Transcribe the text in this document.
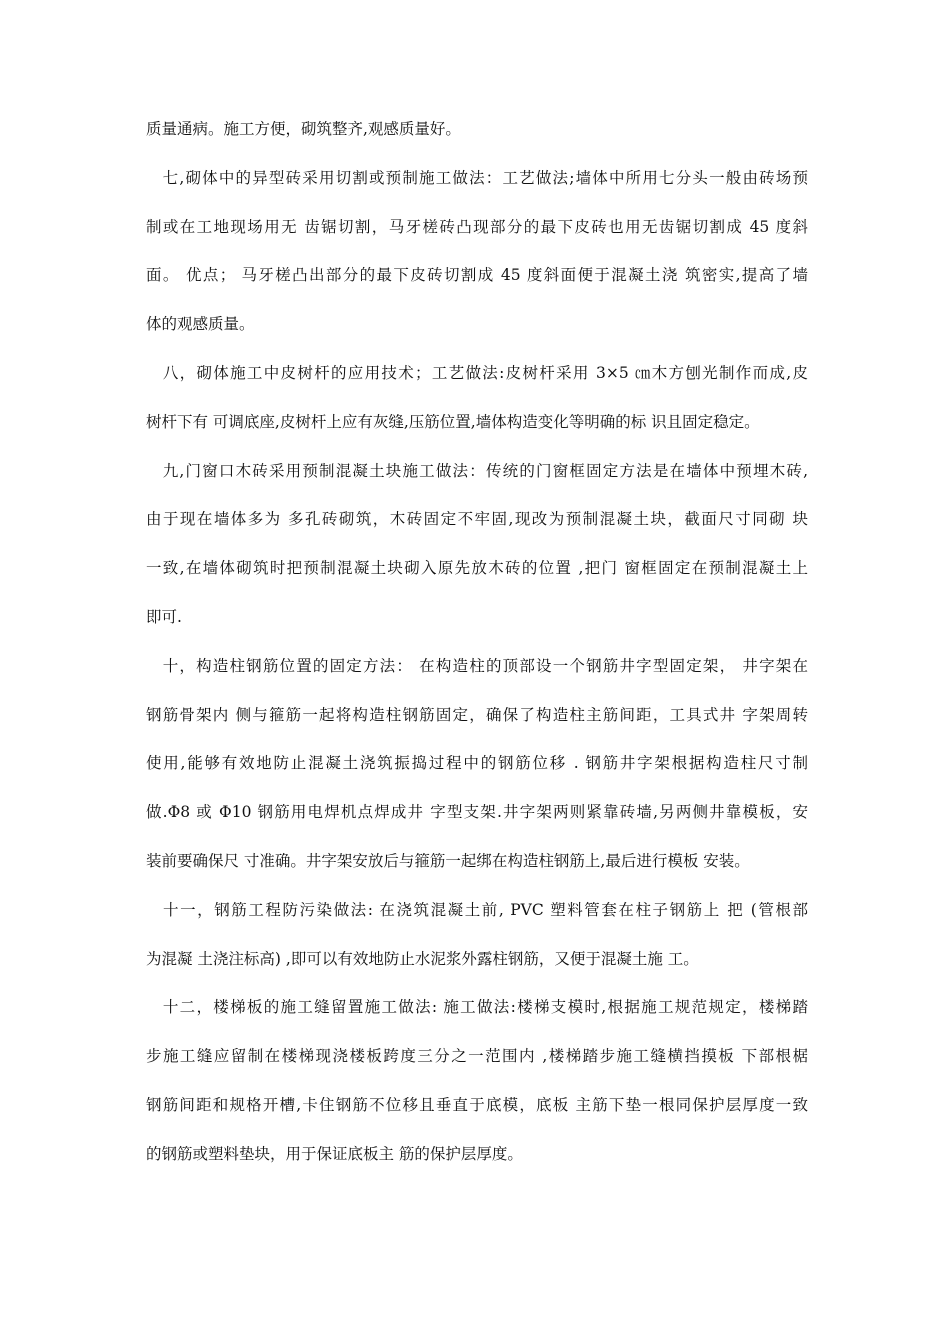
质量通病。施工方便，砌筑整齐,观感质量好。

　七,砌体中的异型砖采用切割或预制施工做法：工艺做法;墙体中所用七分头一般由砖场预
制或在工地现场用无 齿锯切割，马牙槎砖凸现部分的最下皮砖也用无齿锯切割成 45 度斜
面。 优点； 马牙槎凸出部分的最下皮砖切割成 45 度斜面便于混凝土浇 筑密实,提高了墙
体的观感质量。

　八，砌体施工中皮树杆的应用技术；工艺做法:皮树杆采用 3×5 ㎝木方刨光制作而成,皮
树杆下有 可调底座,皮树杆上应有灰缝,压筋位置,墙体构造变化等明确的标 识且固定稳定。

　九,门窗口木砖采用预制混凝土块施工做法：传统的门窗框固定方法是在墙体中预埋木砖,
由于现在墙体多为 多孔砖砌筑，木砖固定不牢固,现改为预制混凝土块，截面尺寸同砌 块
一致,在墙体砌筑时把预制混凝土块砌入原先放木砖的位置 ,把门 窗框固定在预制混凝土上
即可.

　十，构造柱钢筋位置的固定方法： 在构造柱的顶部设一个钢筋井字型固定架， 井字架在
钢筋骨架内 侧与箍筋一起将构造柱钢筋固定，确保了构造柱主筋间距，工具式井 字架周转
使用,能够有效地防止混凝土浇筑振捣过程中的钢筋位移 . 钢筋井字架根据构造柱尺寸制
做.Φ8 或 Φ10 钢筋用电焊机点焊成井 字型支架.井字架两则紧靠砖墙,另两侧井靠模板，安
装前要确保尺 寸准确。井字架安放后与箍筋一起绑在构造柱钢筋上,最后进行模板 安装。

　十一，钢筋工程防污染做法: 在浇筑混凝土前, PVC 塑料管套在柱子钢筋上 把 (管根部
为混凝 土浇注标高) ,即可以有效地防止水泥浆外露柱钢筋，又便于混凝土施 工。

　十二，楼梯板的施工缝留置施工做法: 施工做法:楼梯支模时,根据施工规范规定，楼梯踏
步施工缝应留制在楼梯现浇楼板跨度三分之一范围内 ,楼梯踏步施工缝横挡摸板 下部根椐
钢筋间距和规格开槽,卡住钢筋不位移且垂直于底模，底板 主筋下垫一根同保护层厚度一致
的钢筋或塑料垫块，用于保证底板主 筋的保护层厚度。
